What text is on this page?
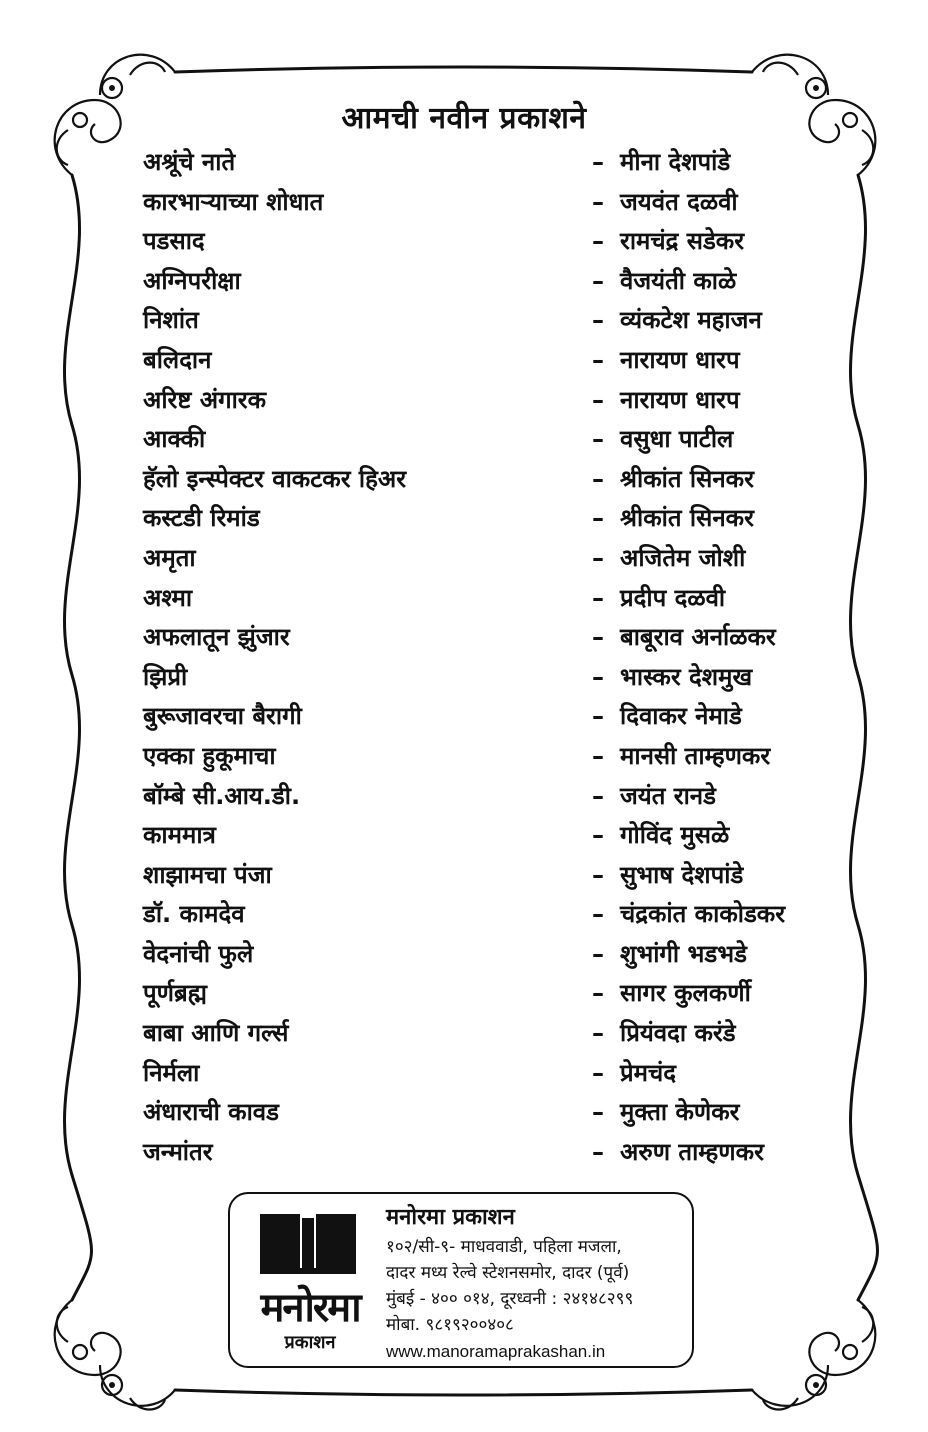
आमची नवीन प्रकाशने
अश्रूंचे नाते	– मीना देशपांडे
कारभाऱ्याच्या शोधात	– जयवंत दळवी
पडसाद	– रामचंद्र सडेकर
अग्निपरीक्षा	– वैजयंती काळे
निशांत	– व्यंकटेश महाजन
बलिदान	– नारायण धारप
अरिष्ट अंगारक	– नारायण धारप
आक्की	– वसुधा पाटील
हॅलो इन्स्पेक्टर वाकटकर हिअर	– श्रीकांत सिनकर
कस्टडी रिमांड	– श्रीकांत सिनकर
अमृता	– अजितेम जोशी
अश्मा	– प्रदीप दळवी
अफलातून झुंजार	– बाबूराव अर्नाळकर
झिप्री	– भास्कर देशमुख
बुरूजावरचा बैरागी	– दिवाकर नेमाडे
एक्का हुकूमाचा	– मानसी ताम्हणकर
बॉम्बे सी.आय.डी.	– जयंत रानडे
काममात्र	– गोविंद मुसळे
शाझामचा पंजा	– सुभाष देशपांडे
डॉ. कामदेव	– चंद्रकांत काकोडकर
वेदनांची फुले	– शुभांगी भडभडे
पूर्णब्रह्म	– सागर कुलकर्णी
बाबा आणि गर्ल्स	– प्रियंवदा करंडे
निर्मला	– प्रेमचंद
अंधाराची कावड	– मुक्ता केणेकर
जन्मांतर	– अरुण ताम्हणकर
मनोरमा
प्रकाशन
मनोरमा प्रकाशन
१०२/सी-९- माधववाडी, पहिला मजला,
दादर मध्य रेल्वे स्टेशनसमोर, दादर (पूर्व)
मुंबई - ४०० ०१४, दूरध्वनी : २४१४८२९९
मोबा. ९८१९२००४०८
www.manoramaprakashan.in
